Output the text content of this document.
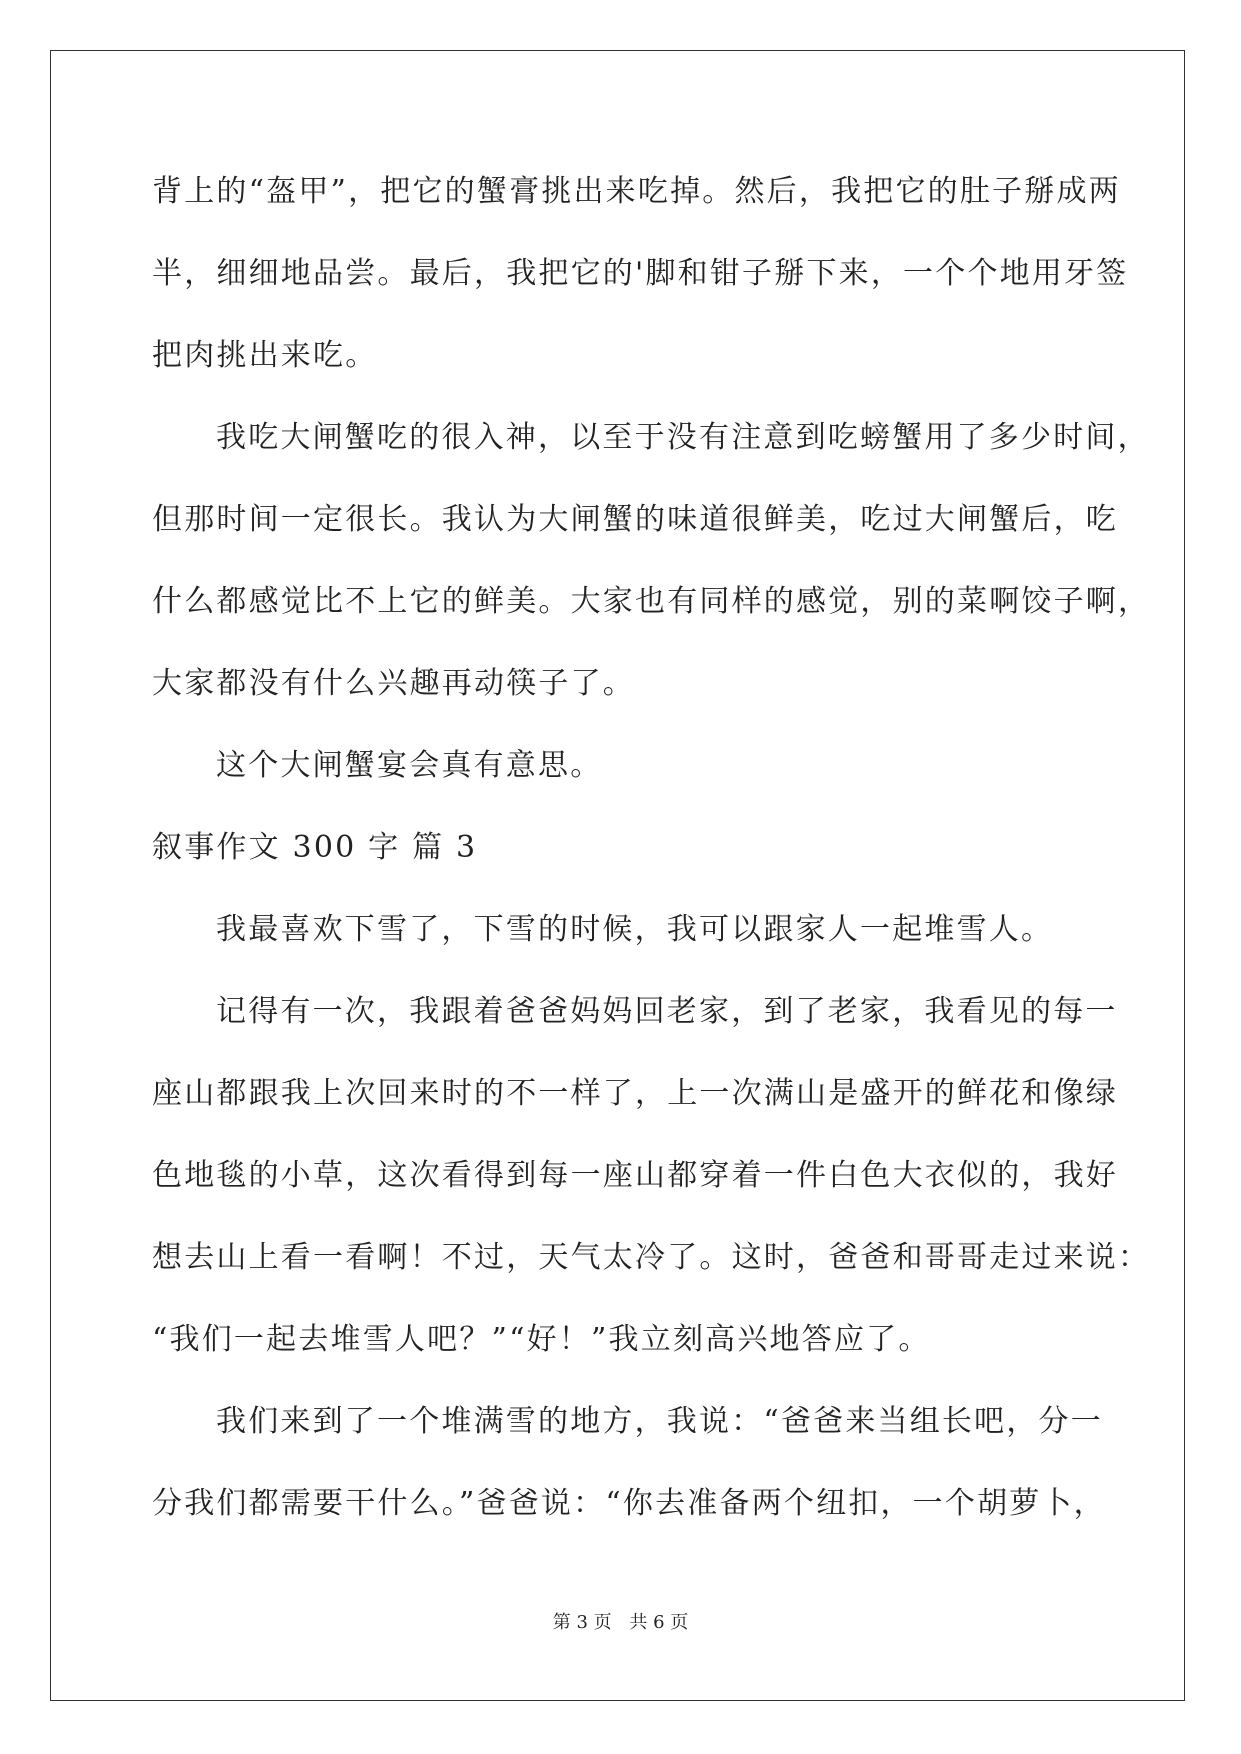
背上的“盔甲”，把它的蟹膏挑出来吃掉。然后，我把它的肚子掰成两
半，细细地品尝。最后，我把它的'脚和钳子掰下来，一个个地用牙签
把肉挑出来吃。
我吃大闸蟹吃的很入神，以至于没有注意到吃螃蟹用了多少时间，
但那时间一定很长。我认为大闸蟹的味道很鲜美，吃过大闸蟹后，吃
什么都感觉比不上它的鲜美。大家也有同样的感觉，别的菜啊饺子啊，
大家都没有什么兴趣再动筷子了。
这个大闸蟹宴会真有意思。
叙事作文 300 字 篇 3
我最喜欢下雪了，下雪的时候，我可以跟家人一起堆雪人。
记得有一次，我跟着爸爸妈妈回老家，到了老家，我看见的每一
座山都跟我上次回来时的不一样了，上一次满山是盛开的鲜花和像绿
色地毯的小草，这次看得到每一座山都穿着一件白色大衣似的，我好
想去山上看一看啊！不过，天气太冷了。这时，爸爸和哥哥走过来说：
“我们一起去堆雪人吧？”“好！”我立刻高兴地答应了。
我们来到了一个堆满雪的地方，我说：“爸爸来当组长吧，分一
分我们都需要干什么。”爸爸说：“你去准备两个纽扣，一个胡萝卜，
第 3 页 共 6 页
